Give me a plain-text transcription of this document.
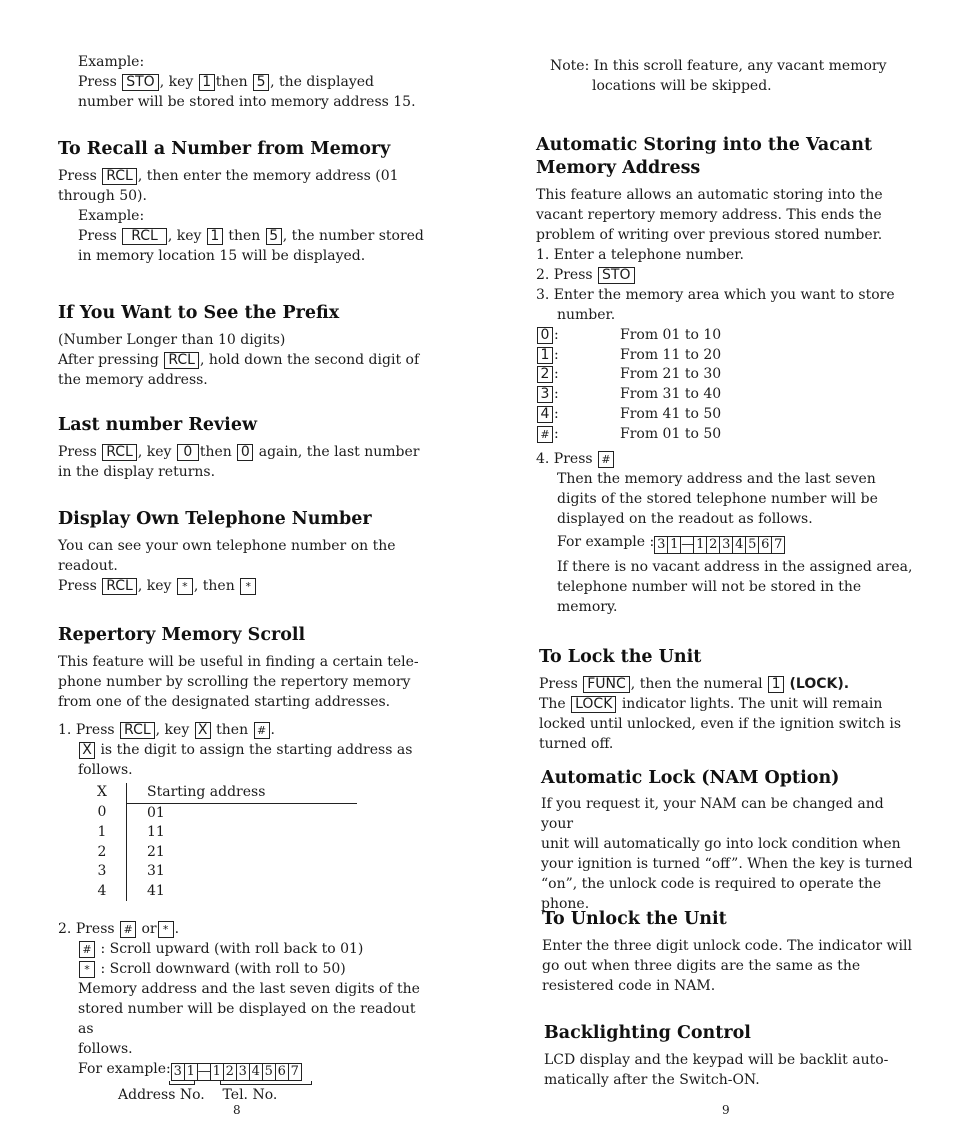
Example:

Press STO , key 1 then 5 , the displayed

number will be stored into memory address 15.

To Recall a Number from Memory

Press RCL , then enter the memory address (01

through 50).

Example:

Press RCL , key 1 then 5 , the number stored

in memory location 15 will be displayed.

If You Want to See the Prefix

(Number Longer than 10 digits)

After pressing RCL , hold down the second digit of

the memory address.

Last number Review

Press RCL , key 0 then 0 again, the last number

in the display returns.

Display Own Telephone Number

You can see your own telephone number on the

readout.

Press RCL , key * , then *

Repertory Memory Scroll

This feature will be useful in finding a certain tele-

phone number by scrolling the repertory memory

from one of the designated starting addresses.

1. Press RCL , key X then # .

X is the digit to assign the starting address as

follows.

X	Starting address
0	01
1	11
2	21
3	31
4	41

2. Press # or * .

# : Scroll upward (with roll back to 01)

* : Scroll downward (with roll to 50)

Memory address and the last seven digits of the

stored number will be displayed on the readout as

follows.

For example: 3 1 — 1 2 3 4 5 6 7

Address No. Tel. No.

Note: In this scroll feature, any vacant memory

locations will be skipped.

Automatic Storing into the Vacant
Memory Address

This feature allows an automatic storing into the

vacant repertory memory address. This ends the

problem of writing over previous stored number.

1. Enter a telephone number.

2. Press STO

3. Enter the memory area which you want to store

number.

0 :	From 01 to 10
1 :	From 11 to 20
2 :	From 21 to 30
3 :	From 31 to 40
4 :	From 41 to 50
# :	From 01 to 50

4. Press #

Then the memory address and the last seven

digits of the stored telephone number will be

displayed on the readout as follows.

For example : 3 1 — 1 2 3 4 5 6 7

If there is no vacant address in the assigned area,

telephone number will not be stored in the

memory.

To Lock the Unit

Press FUNC , then the numeral 1 (LOCK).

The LOCK indicator lights. The unit will remain

locked until unlocked, even if the ignition switch is

turned off.

Automatic Lock (NAM Option)

If you request it, your NAM can be changed and your

unit will automatically go into lock condition when

your ignition is turned “off”. When the key is turned

“on”, the unlock code is required to operate the

phone.

To Unlock the Unit

Enter the three digit unlock code. The indicator will

go out when three digits are the same as the

resistered code in NAM.

Backlighting Control

LCD display and the keypad will be backlit auto-

matically after the Switch-ON.

8	9
